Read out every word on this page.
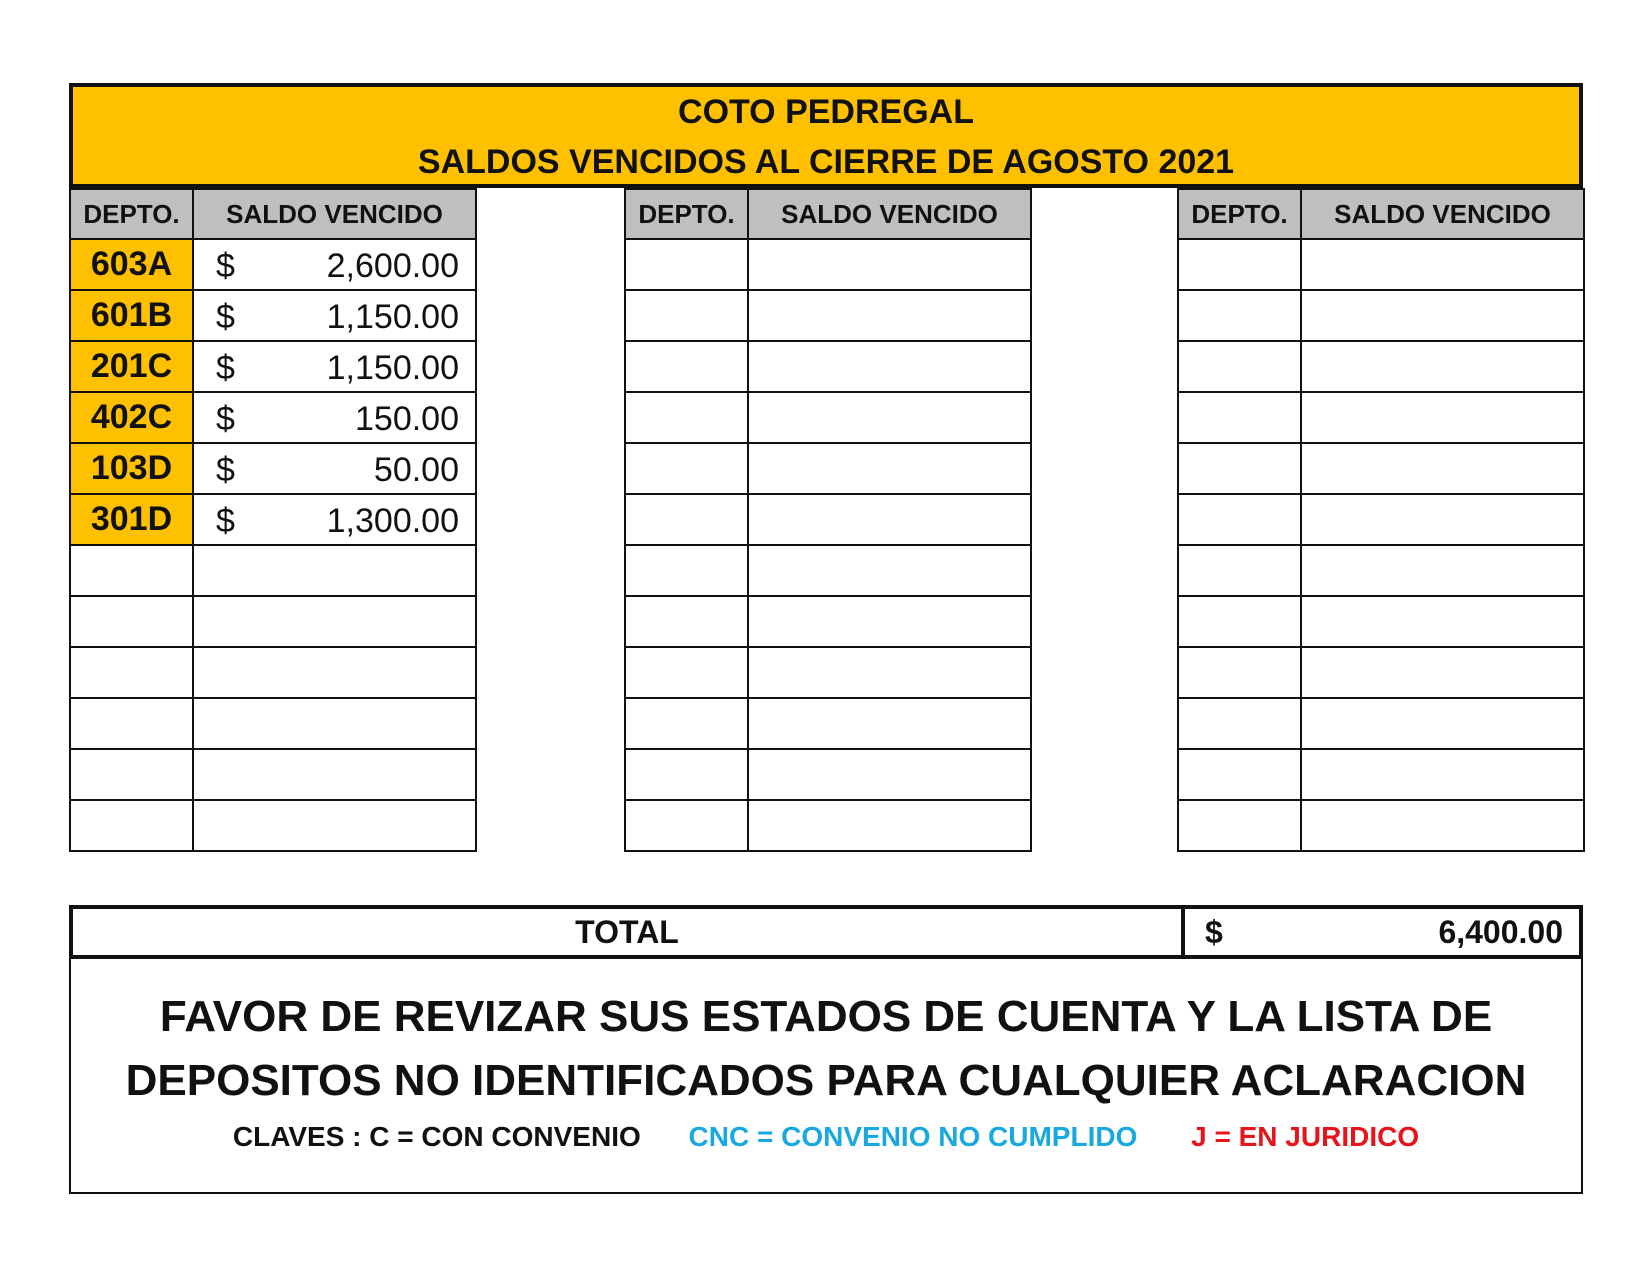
COTO PEDREGAL
SALDOS VENCIDOS AL CIERRE DE AGOSTO 2021
DEPTO.	SALDO VENCIDO
603A	$ 2,600.00

601B	$ 1,150.00

201C	$ 1,150.00

402C	$ 150.00

103D	$ 50.00

301D	$ 1,300.00

DEPTO.	SALDO VENCIDO

		DEPTO.	SALDO VENCIDO

TOTAL	$	6,400.00
FAVOR DE REVIZAR SUS ESTADOS DE CUENTA Y LA LISTA DE
DEPOSITOS NO IDENTIFICADOS PARA CUALQUIER ACLARACION
CLAVES : C = CON CONVENIO CNC = CONVENIO NO CUMPLIDO J = EN JURIDICO
